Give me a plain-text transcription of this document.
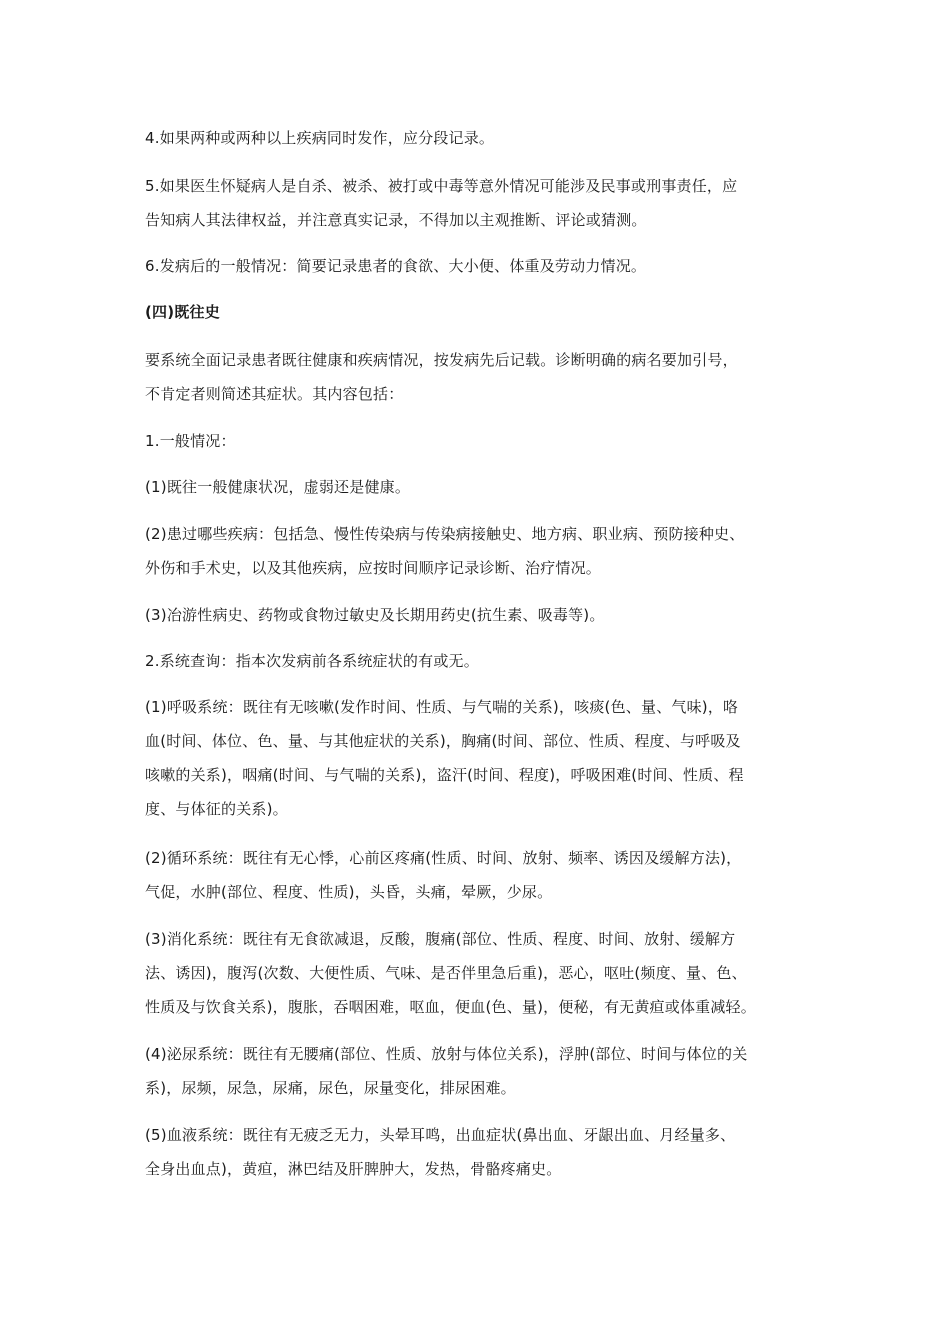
4.如果两种或两种以上疾病同时发作，应分段记录。

5.如果医生怀疑病人是自杀、被杀、被打或中毒等意外情况可能涉及民事或刑事责任，应
告知病人其法律权益，并注意真实记录，不得加以主观推断、评论或猜测。

6.发病后的一般情况：简要记录患者的食欲、大小便、体重及劳动力情况。

(四)既往史

要系统全面记录患者既往健康和疾病情况，按发病先后记载。诊断明确的病名要加引号，
不肯定者则简述其症状。其内容包括：

1.一般情况：

(1)既往一般健康状况，虚弱还是健康。

(2)患过哪些疾病：包括急、慢性传染病与传染病接触史、地方病、职业病、预防接种史、
外伤和手术史，以及其他疾病，应按时间顺序记录诊断、治疗情况。

(3)冶游性病史、药物或食物过敏史及长期用药史(抗生素、吸毒等)。

2.系统查询：指本次发病前各系统症状的有或无。

(1)呼吸系统：既往有无咳嗽(发作时间、性质、与气喘的关系)，咳痰(色、量、气味)，咯
血(时间、体位、色、量、与其他症状的关系)，胸痛(时间、部位、性质、程度、与呼吸及
咳嗽的关系)，咽痛(时间、与气喘的关系)，盗汗(时间、程度)，呼吸困难(时间、性质、程
度、与体征的关系)。

(2)循环系统：既往有无心悸，心前区疼痛(性质、时间、放射、频率、诱因及缓解方法)，
气促，水肿(部位、程度、性质)，头昏，头痛，晕厥，少尿。

(3)消化系统：既往有无食欲减退，反酸，腹痛(部位、性质、程度、时间、放射、缓解方
法、诱因)，腹泻(次数、大便性质、气味、是否伴里急后重)，恶心，呕吐(频度、量、色、
性质及与饮食关系)，腹胀，吞咽困难，呕血，便血(色、量)，便秘，有无黄疸或体重减轻。

(4)泌尿系统：既往有无腰痛(部位、性质、放射与体位关系)，浮肿(部位、时间与体位的关
系)，尿频，尿急，尿痛，尿色，尿量变化，排尿困难。

(5)血液系统：既往有无疲乏无力，头晕耳鸣，出血症状(鼻出血、牙龈出血、月经量多、
全身出血点)，黄疸，淋巴结及肝脾肿大，发热，骨骼疼痛史。
